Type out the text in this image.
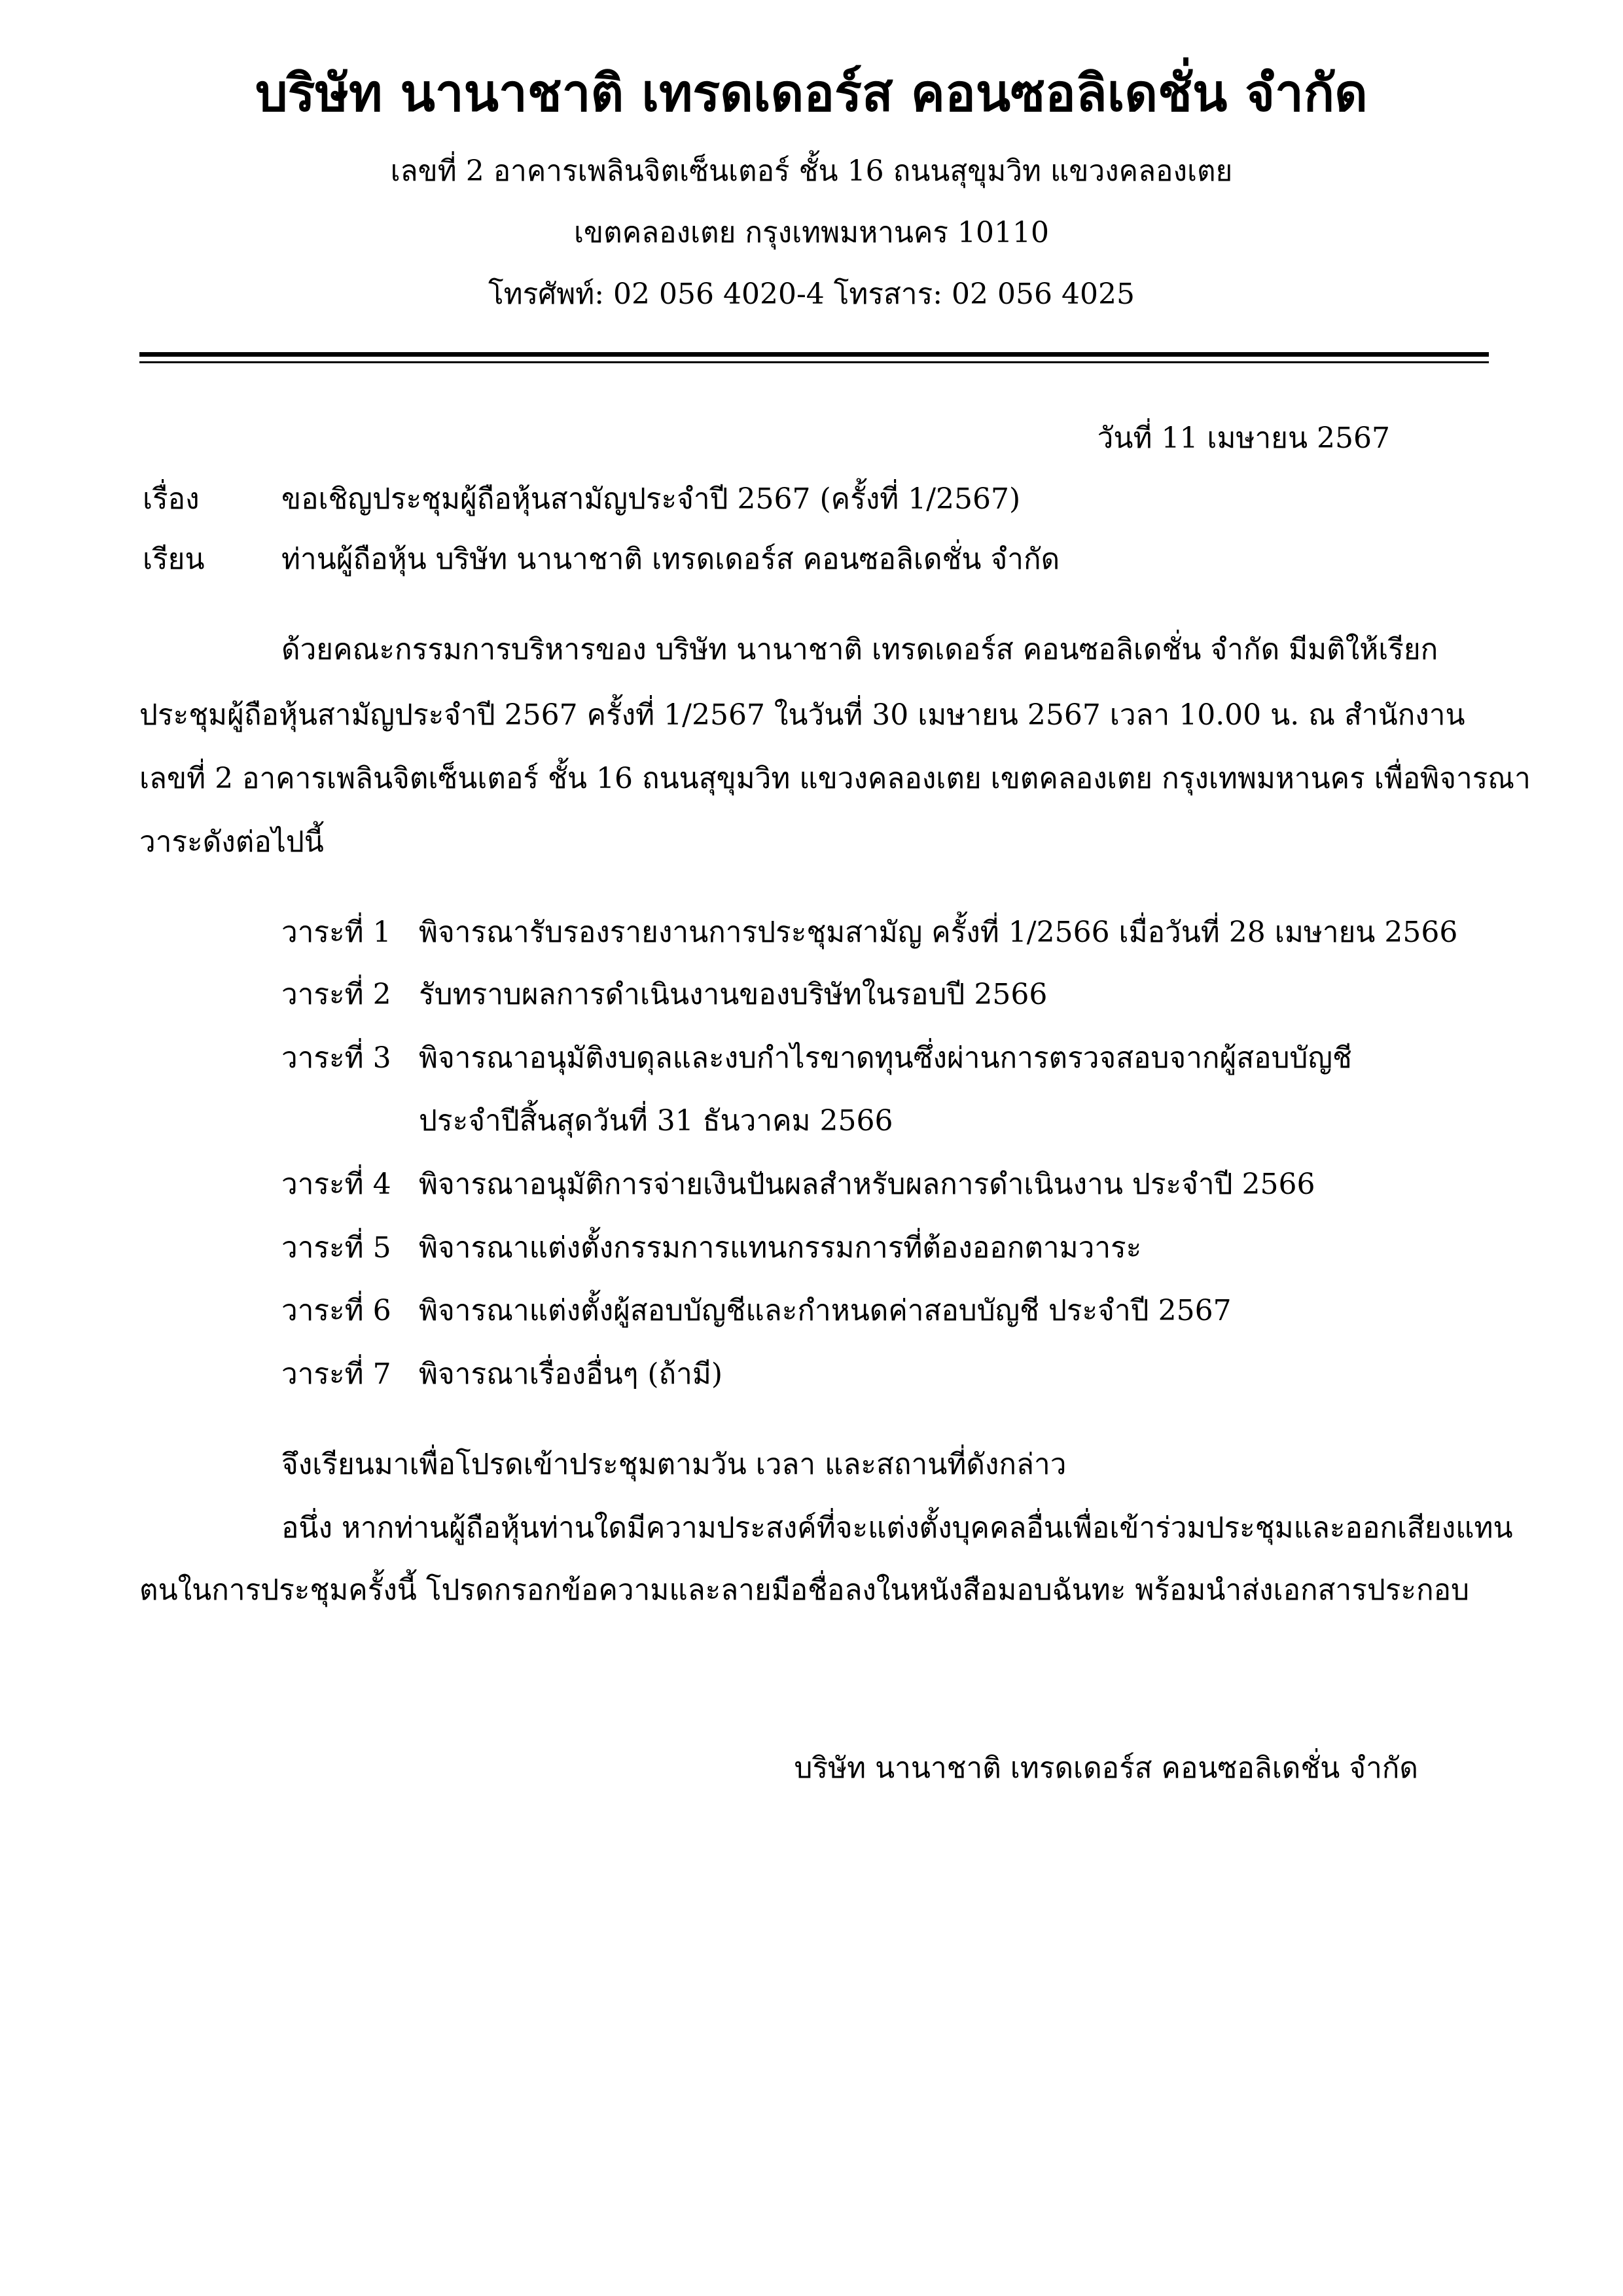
บริษัท นานาชาติ เทรดเดอร์ส คอนซอลิเดชั่น จำกัด
เลขที่ 2 อาคารเพลินจิตเซ็นเตอร์ ชั้น 16 ถนนสุขุมวิท แขวงคลองเตย
เขตคลองเตย กรุงเทพมหานคร 10110
โทรศัพท์: 02 056 4020-4 โทรสาร: 02 056 4025
วันที่ 11 เมษายน 2567
เรื่อง	ขอเชิญประชุมผู้ถือหุ้นสามัญประจำปี 2567 (ครั้งที่ 1/2567)
เรียน	ท่านผู้ถือหุ้น บริษัท นานาชาติ เทรดเดอร์ส คอนซอลิเดชั่น จำกัด
ด้วยคณะกรรมการบริหารของ บริษัท นานาชาติ เทรดเดอร์ส คอนซอลิเดชั่น จำกัด มีมติให้เรียก
ประชุมผู้ถือหุ้นสามัญประจำปี 2567 ครั้งที่ 1/2567 ในวันที่ 30 เมษายน 2567 เวลา 10.00 น. ณ สำนักงาน
เลขที่ 2 อาคารเพลินจิตเซ็นเตอร์ ชั้น 16 ถนนสุขุมวิท แขวงคลองเตย เขตคลองเตย กรุงเทพมหานคร เพื่อพิจารณา
วาระดังต่อไปนี้
วาระที่ 1 พิจารณารับรองรายงานการประชุมสามัญ ครั้งที่ 1/2566 เมื่อวันที่ 28 เมษายน 2566
วาระที่ 2 รับทราบผลการดำเนินงานของบริษัทในรอบปี 2566
วาระที่ 3 พิจารณาอนุมัติงบดุลและงบกำไรขาดทุนซึ่งผ่านการตรวจสอบจากผู้สอบบัญชี
ประจำปีสิ้นสุดวันที่ 31 ธันวาคม 2566
วาระที่ 4 พิจารณาอนุมัติการจ่ายเงินปันผลสำหรับผลการดำเนินงาน ประจำปี 2566
วาระที่ 5 พิจารณาแต่งตั้งกรรมการแทนกรรมการที่ต้องออกตามวาระ
วาระที่ 6 พิจารณาแต่งตั้งผู้สอบบัญชีและกำหนดค่าสอบบัญชี ประจำปี 2567
วาระที่ 7 พิจารณาเรื่องอื่นๆ (ถ้ามี)
จึงเรียนมาเพื่อโปรดเข้าประชุมตามวัน เวลา และสถานที่ดังกล่าว
อนึ่ง หากท่านผู้ถือหุ้นท่านใดมีความประสงค์ที่จะแต่งตั้งบุคคลอื่นเพื่อเข้าร่วมประชุมและออกเสียงแทน
ตนในการประชุมครั้งนี้ โปรดกรอกข้อความและลายมือชื่อลงในหนังสือมอบฉันทะ พร้อมนำส่งเอกสารประกอบ
บริษัท นานาชาติ เทรดเดอร์ส คอนซอลิเดชั่น จำกัด
